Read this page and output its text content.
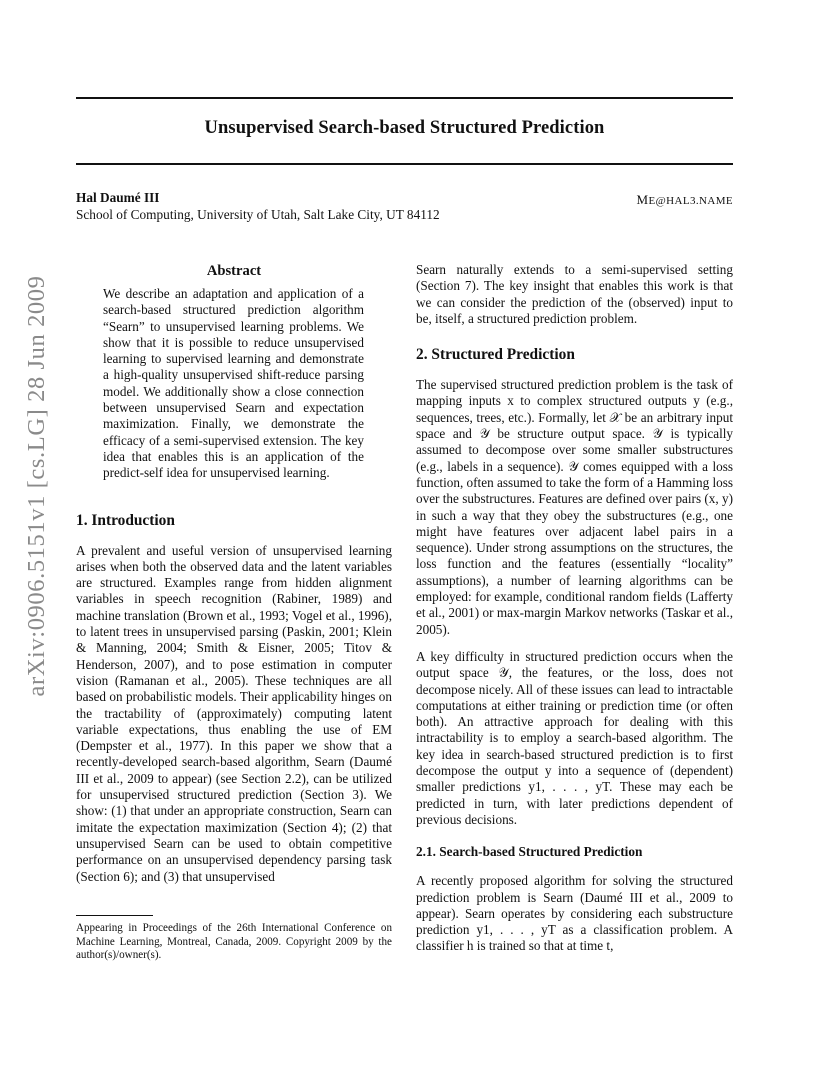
Unsupervised Search-based Structured Prediction
Hal Daumé III	ME@HAL3.NAME
School of Computing, University of Utah, Salt Lake City, UT 84112
arXiv:0906.5151v1 [cs.LG] 28 Jun 2009
Abstract

We describe an adaptation and application of a search-based structured prediction algorithm “Searn” to unsupervised learning problems. We show that it is possible to reduce unsupervised learning to supervised learning and demonstrate a high-quality unsupervised shift-reduce parsing model. We additionally show a close connection between unsupervised Searn and expectation maximization. Finally, we demonstrate the efficacy of a semi-supervised extension. The key idea that enables this is an application of the predict-self idea for unsupervised learning.

1. Introduction

A prevalent and useful version of unsupervised learning arises when both the observed data and the latent variables are structured. Examples range from hidden alignment variables in speech recognition (Rabiner, 1989) and machine translation (Brown et al., 1993; Vogel et al., 1996), to latent trees in unsupervised parsing (Paskin, 2001; Klein & Manning, 2004; Smith & Eisner, 2005; Titov & Henderson, 2007), and to pose estimation in computer vision (Ramanan et al., 2005). These techniques are all based on probabilistic models. Their applicability hinges on the tractability of (approximately) computing latent variable expectations, thus enabling the use of EM (Dempster et al., 1977). In this paper we show that a recently-developed search-based algorithm, Searn (Daumé III et al., 2009 to appear) (see Section 2.2), can be utilized for unsupervised structured prediction (Section 3). We show: (1) that under an appropriate construction, Searn can imitate the expectation maximization (Section 4); (2) that unsupervised Searn can be used to obtain competitive performance on an unsupervised dependency parsing task (Section 6); and (3) that unsupervised

Appearing in Proceedings of the 26th International Conference on Machine Learning, Montreal, Canada, 2009. Copyright 2009 by the author(s)/owner(s).

Searn naturally extends to a semi-supervised setting (Section 7). The key insight that enables this work is that we can consider the prediction of the (observed) input to be, itself, a structured prediction problem.

2. Structured Prediction

The supervised structured prediction problem is the task of mapping inputs x to complex structured outputs y (e.g., sequences, trees, etc.). Formally, let 𝒳 be an arbitrary input space and 𝒴 be structure output space. 𝒴 is typically assumed to decompose over some smaller substructures (e.g., labels in a sequence). 𝒴 comes equipped with a loss function, often assumed to take the form of a Hamming loss over the substructures. Features are defined over pairs (x, y) in such a way that they obey the substructures (e.g., one might have features over adjacent label pairs in a sequence). Under strong assumptions on the structures, the loss function and the features (essentially “locality” assumptions), a number of learning algorithms can be employed: for example, conditional random fields (Lafferty et al., 2001) or max-margin Markov networks (Taskar et al., 2005).

A key difficulty in structured prediction occurs when the output space 𝒴, the features, or the loss, does not decompose nicely. All of these issues can lead to intractable computations at either training or prediction time (or often both). An attractive approach for dealing with this intractability is to employ a search-based algorithm. The key idea in search-based structured prediction is to first decompose the output y into a sequence of (dependent) smaller predictions y1, . . . , yT. These may each be predicted in turn, with later predictions dependent of previous decisions.

2.1. Search-based Structured Prediction

A recently proposed algorithm for solving the structured prediction problem is Searn (Daumé III et al., 2009 to appear). Searn operates by considering each substructure prediction y1, . . . , yT as a classification problem. A classifier h is trained so that at time t,
